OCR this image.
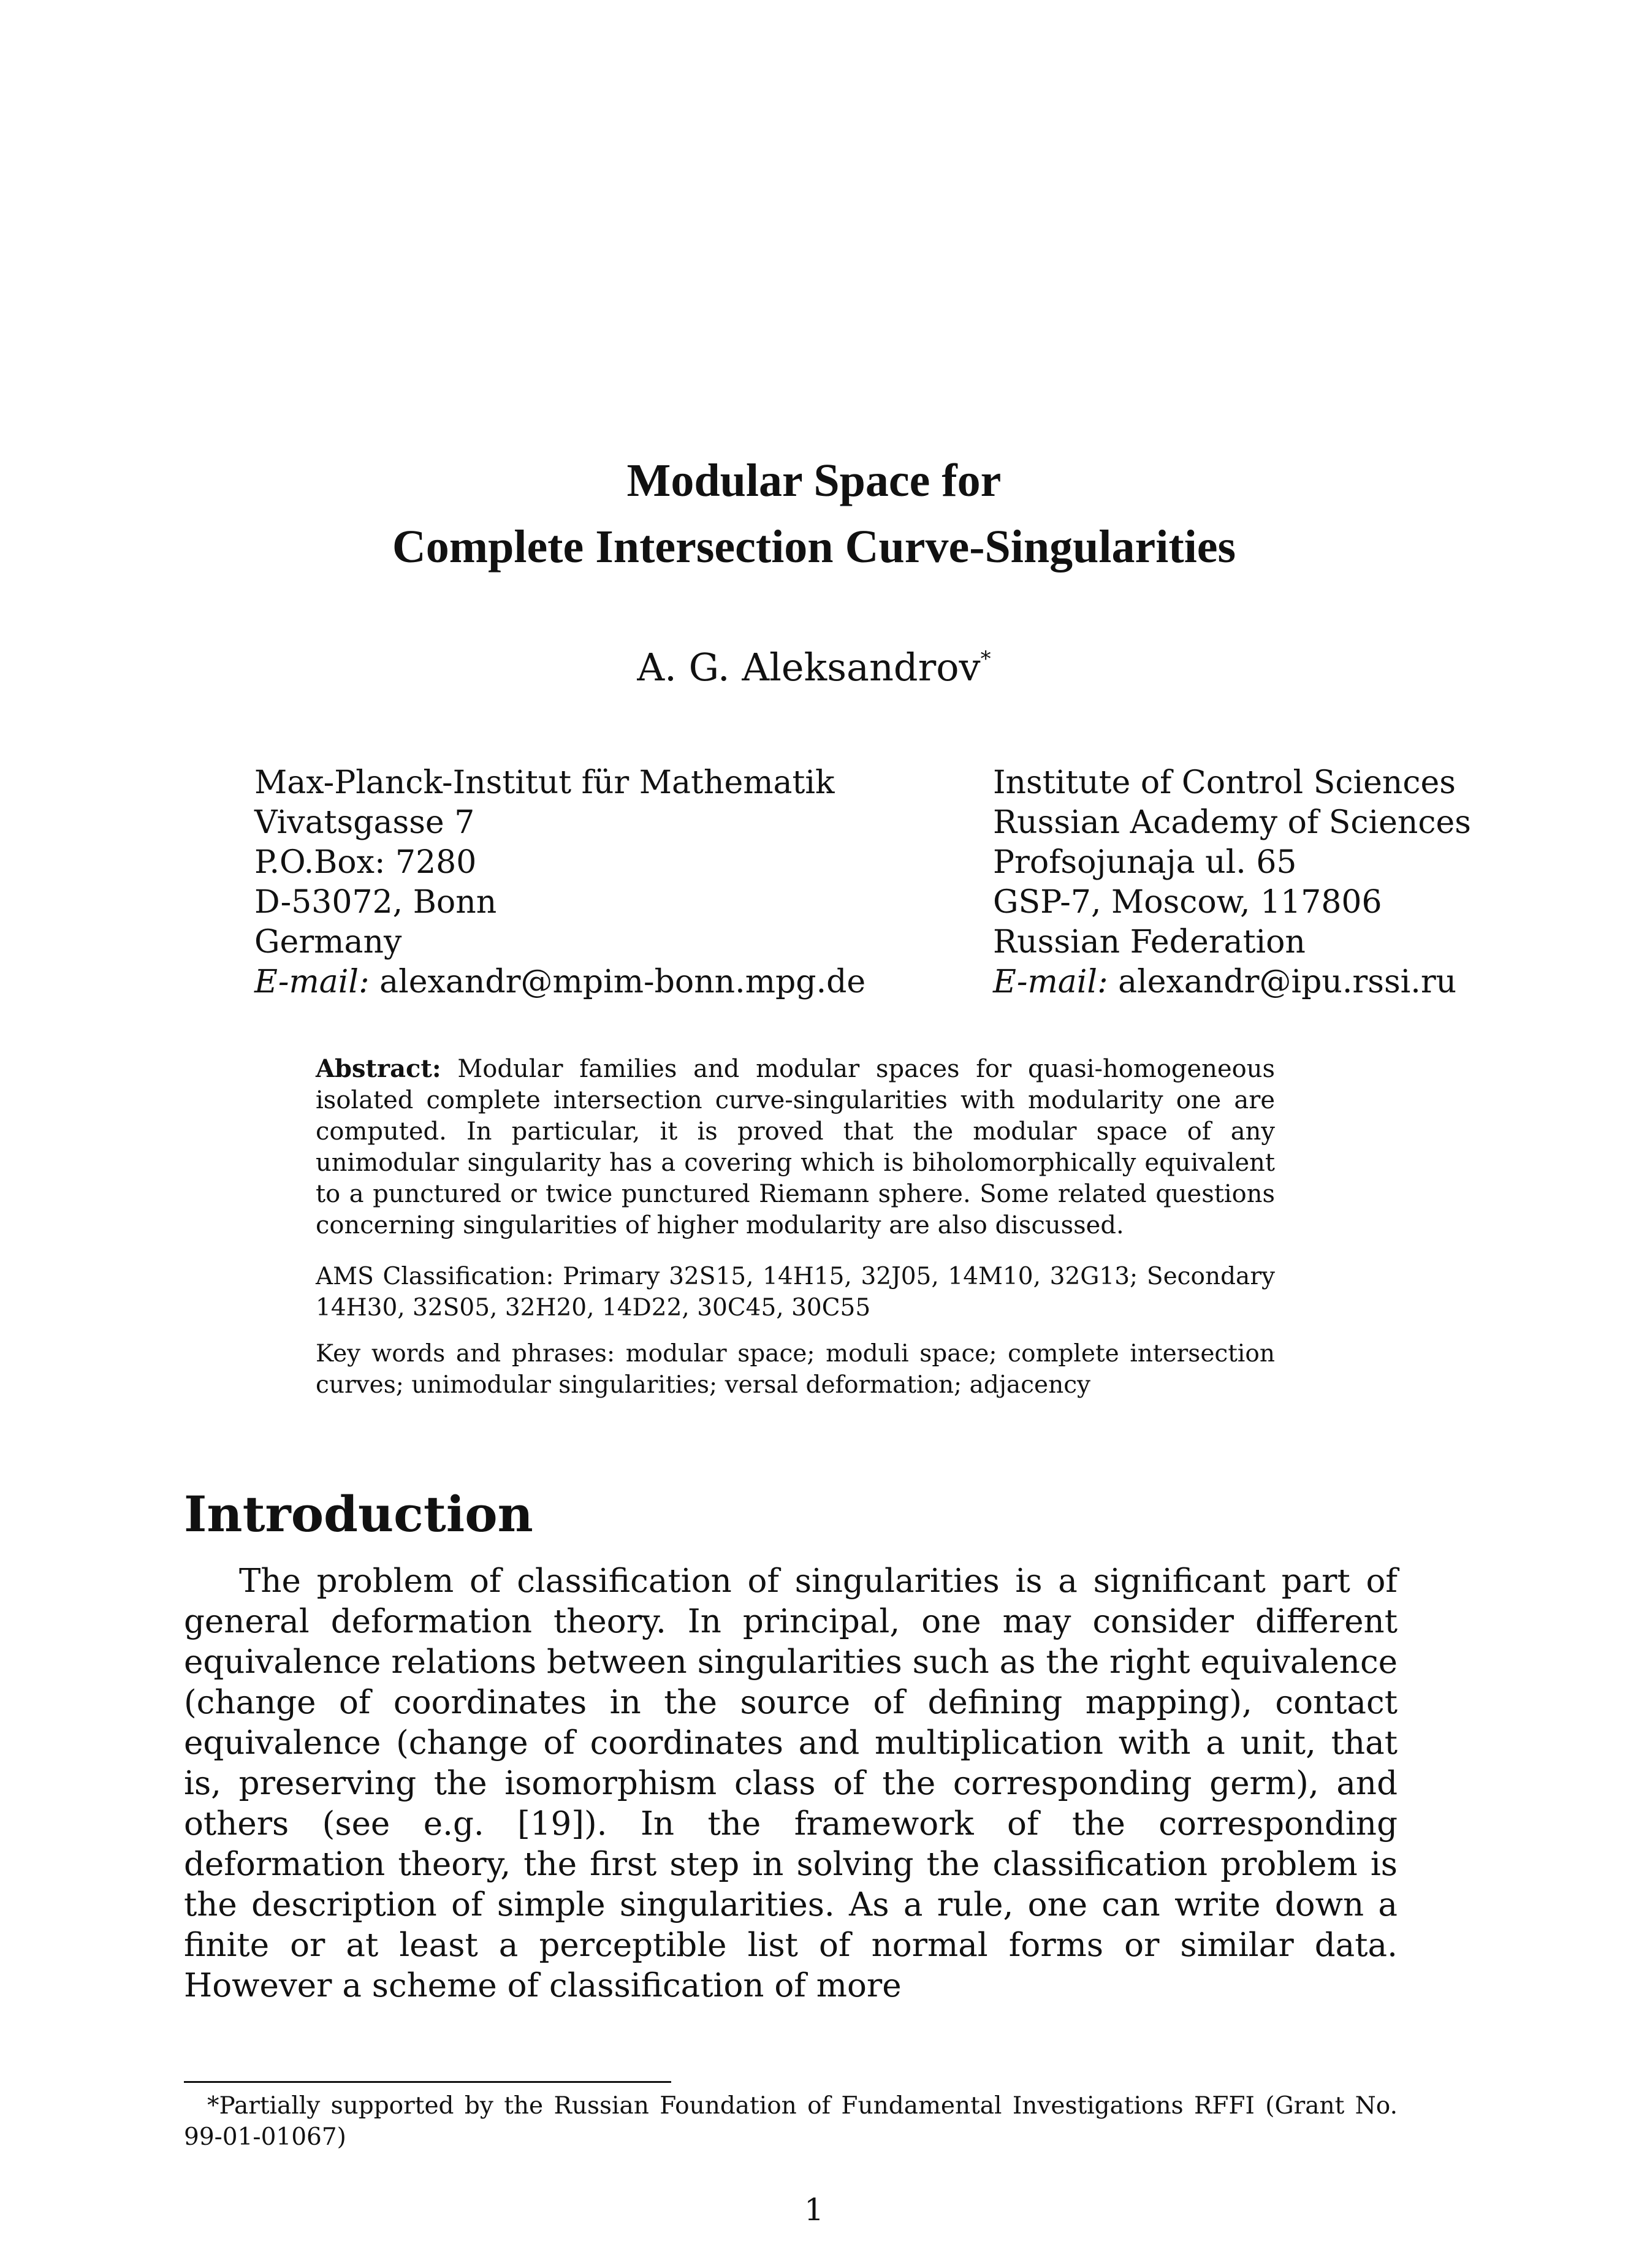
Modular Space for
Complete Intersection Curve-Singularities
A. G. Aleksandrov*
Max-Planck-Institut für Mathematik
Vivatsgasse 7
P.O.Box: 7280
D-53072, Bonn
Germany
E-mail: alexandr@mpim-bonn.mpg.de
Institute of Control Sciences
Russian Academy of Sciences
Profsojunaja ul. 65
GSP-7, Moscow, 117806
Russian Federation
E-mail: alexandr@ipu.rssi.ru
Abstract: Modular families and modular spaces for quasi-homogeneous isolated complete intersection curve-singularities with modularity one are computed. In particular, it is proved that the modular space of any unimodular singularity has a covering which is biholomorphically equivalent to a punctured or twice punctured Riemann sphere. Some related questions concerning singularities of higher modularity are also discussed.
AMS Classification: Primary 32S15, 14H15, 32J05, 14M10, 32G13; Secondary 14H30, 32S05, 32H20, 14D22, 30C45, 30C55
Key words and phrases: modular space; moduli space; complete intersection curves; unimodular singularities; versal deformation; adjacency
Introduction
The problem of classification of singularities is a significant part of general deformation theory. In principal, one may consider different equivalence relations between singularities such as the right equivalence (change of coordinates in the source of defining mapping), contact equivalence (change of coordinates and multiplication with a unit, that is, preserving the isomorphism class of the corresponding germ), and others (see e.g. [19]). In the framework of the corresponding deformation theory, the first step in solving the classification problem is the description of simple singularities. As a rule, one can write down a finite or at least a perceptible list of normal forms or similar data. However a scheme of classification of more
*Partially supported by the Russian Foundation of Fundamental Investigations RFFI (Grant No. 99-01-01067)
1
